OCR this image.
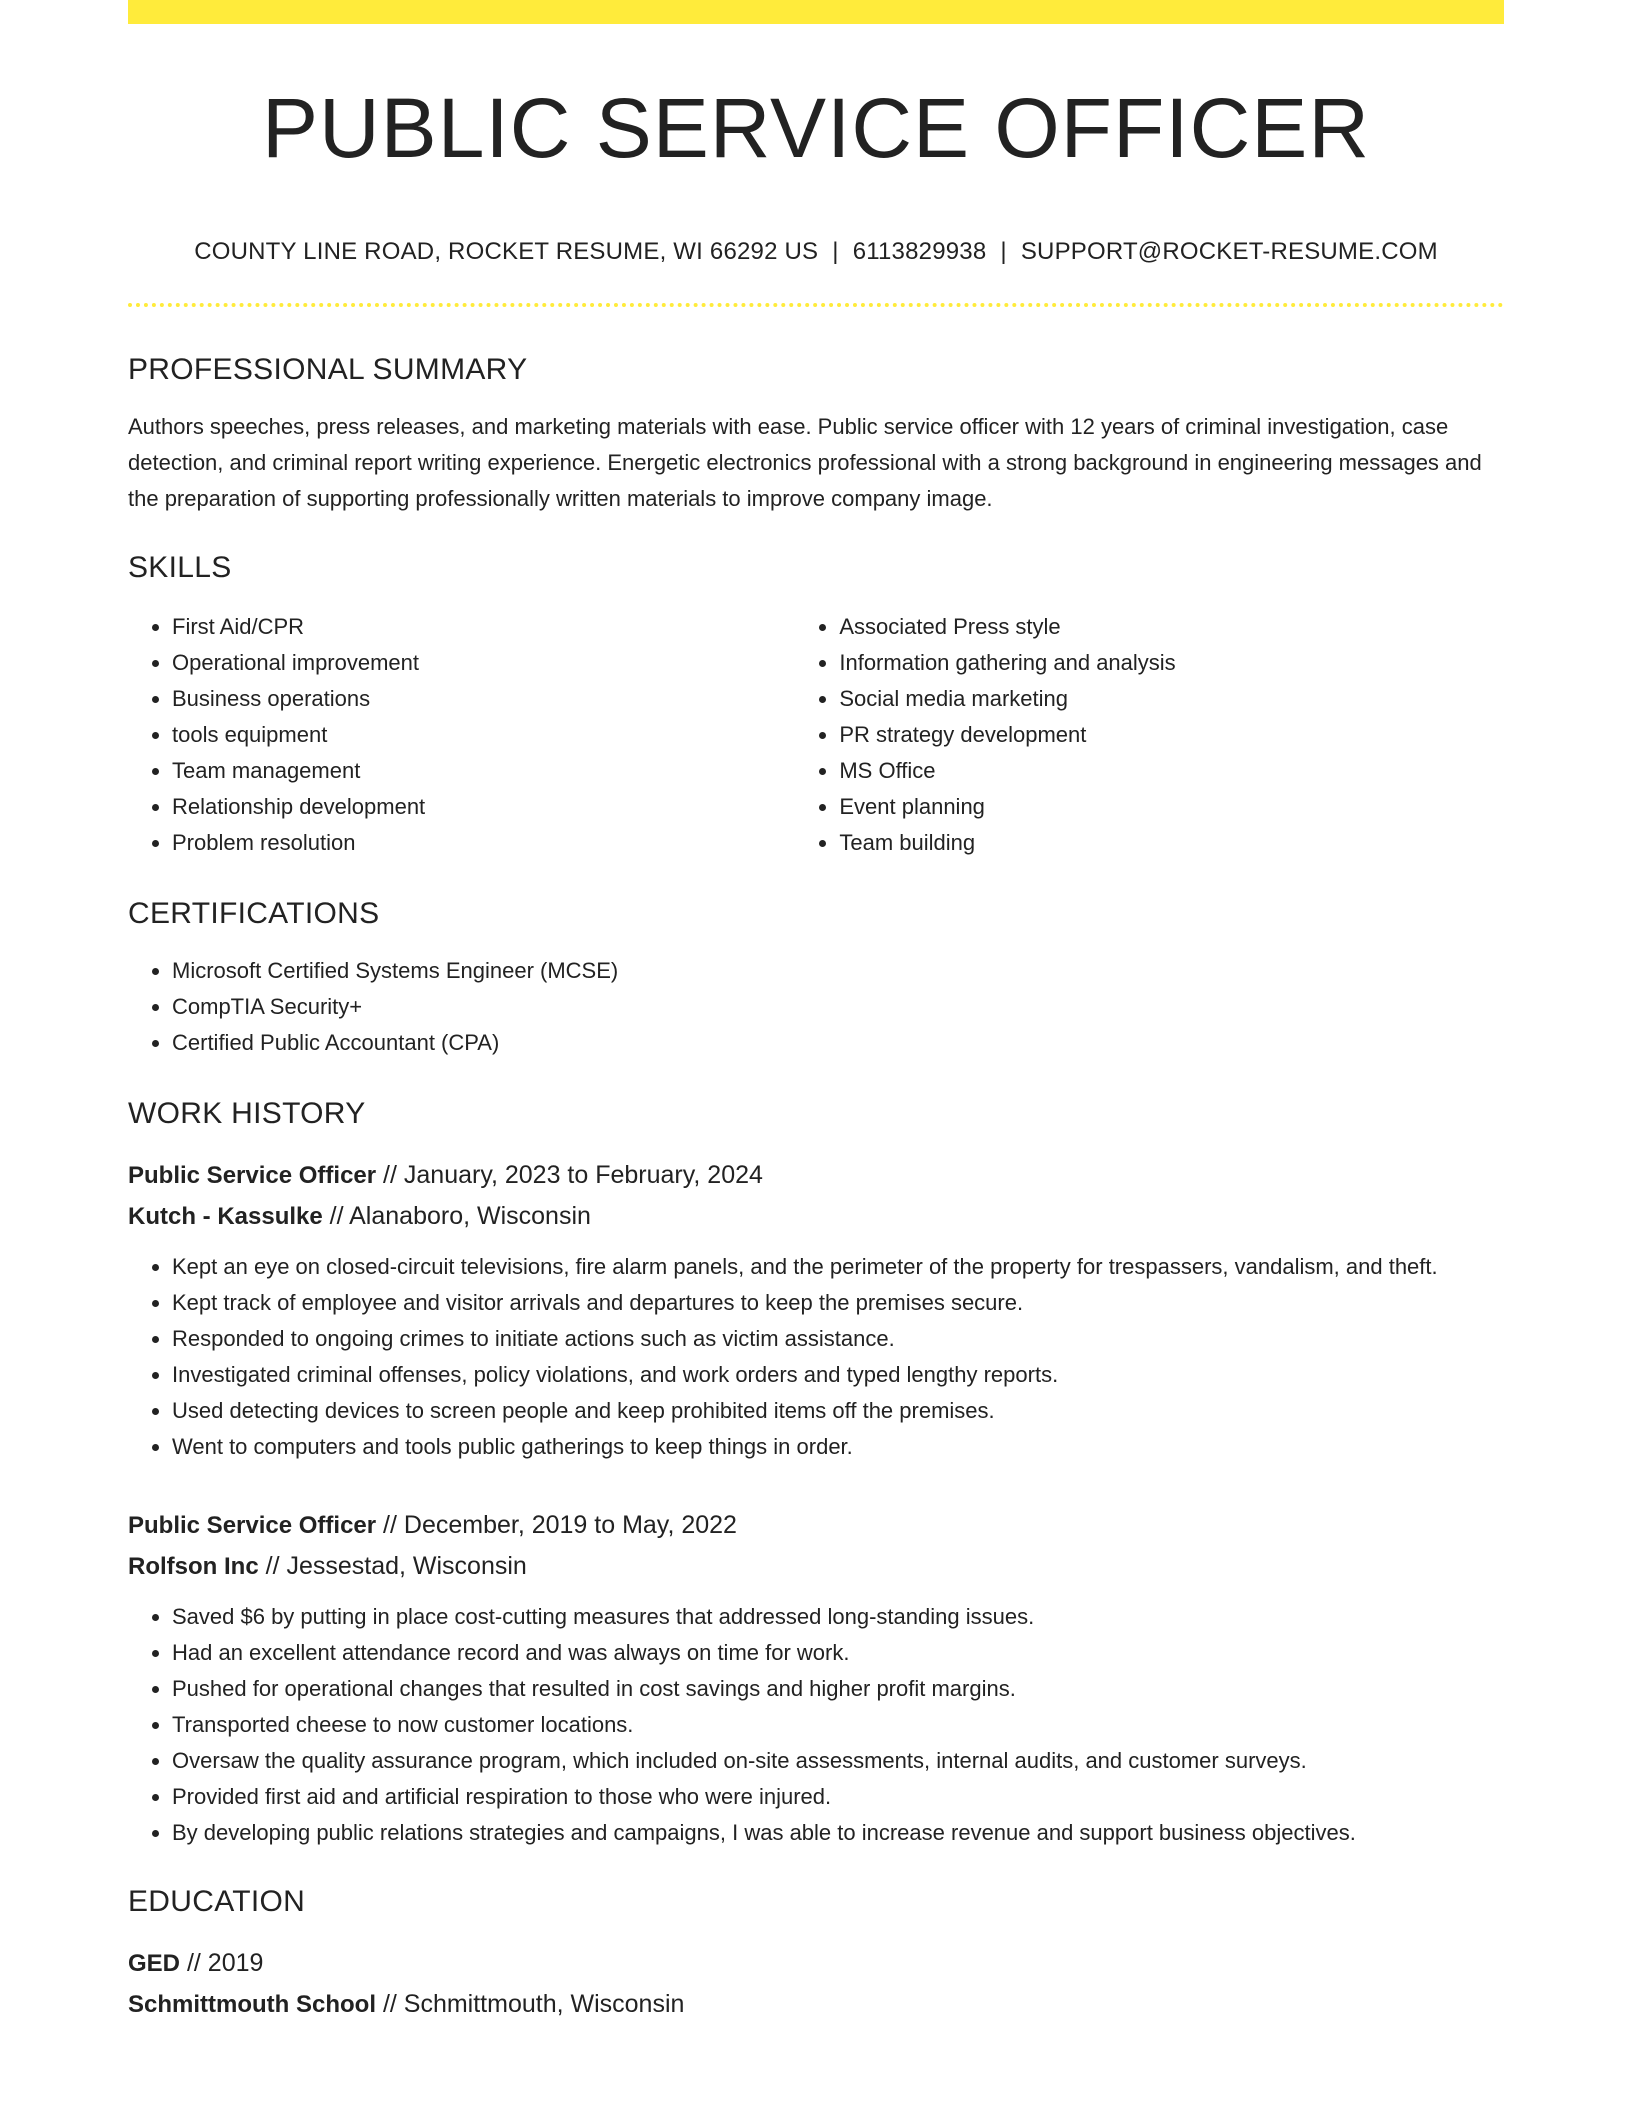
PUBLIC SERVICE OFFICER
COUNTY LINE ROAD, ROCKET RESUME, WI 66292 US | 6113829938 | SUPPORT@ROCKET-RESUME.COM
PROFESSIONAL SUMMARY
Authors speeches, press releases, and marketing materials with ease. Public service officer with 12 years of criminal investigation, case detection, and criminal report writing experience. Energetic electronics professional with a strong background in engineering messages and the preparation of supporting professionally written materials to improve company image.
SKILLS
• First Aid/CPR
• Operational improvement
• Business operations
• tools equipment
• Team management
• Relationship development
• Problem resolution
• Associated Press style
• Information gathering and analysis
• Social media marketing
• PR strategy development
• MS Office
• Event planning
• Team building
CERTIFICATIONS
• Microsoft Certified Systems Engineer (MCSE)
• CompTIA Security+
• Certified Public Accountant (CPA)
WORK HISTORY
Public Service Officer // January, 2023 to February, 2024
Kutch - Kassulke // Alanaboro, Wisconsin
• Kept an eye on closed-circuit televisions, fire alarm panels, and the perimeter of the property for trespassers, vandalism, and theft.
• Kept track of employee and visitor arrivals and departures to keep the premises secure.
• Responded to ongoing crimes to initiate actions such as victim assistance.
• Investigated criminal offenses, policy violations, and work orders and typed lengthy reports.
• Used detecting devices to screen people and keep prohibited items off the premises.
• Went to computers and tools public gatherings to keep things in order.
Public Service Officer // December, 2019 to May, 2022
Rolfson Inc // Jessestad, Wisconsin
• Saved $6 by putting in place cost-cutting measures that addressed long-standing issues.
• Had an excellent attendance record and was always on time for work.
• Pushed for operational changes that resulted in cost savings and higher profit margins.
• Transported cheese to now customer locations.
• Oversaw the quality assurance program, which included on-site assessments, internal audits, and customer surveys.
• Provided first aid and artificial respiration to those who were injured.
• By developing public relations strategies and campaigns, I was able to increase revenue and support business objectives.
EDUCATION
GED // 2019
Schmittmouth School // Schmittmouth, Wisconsin
